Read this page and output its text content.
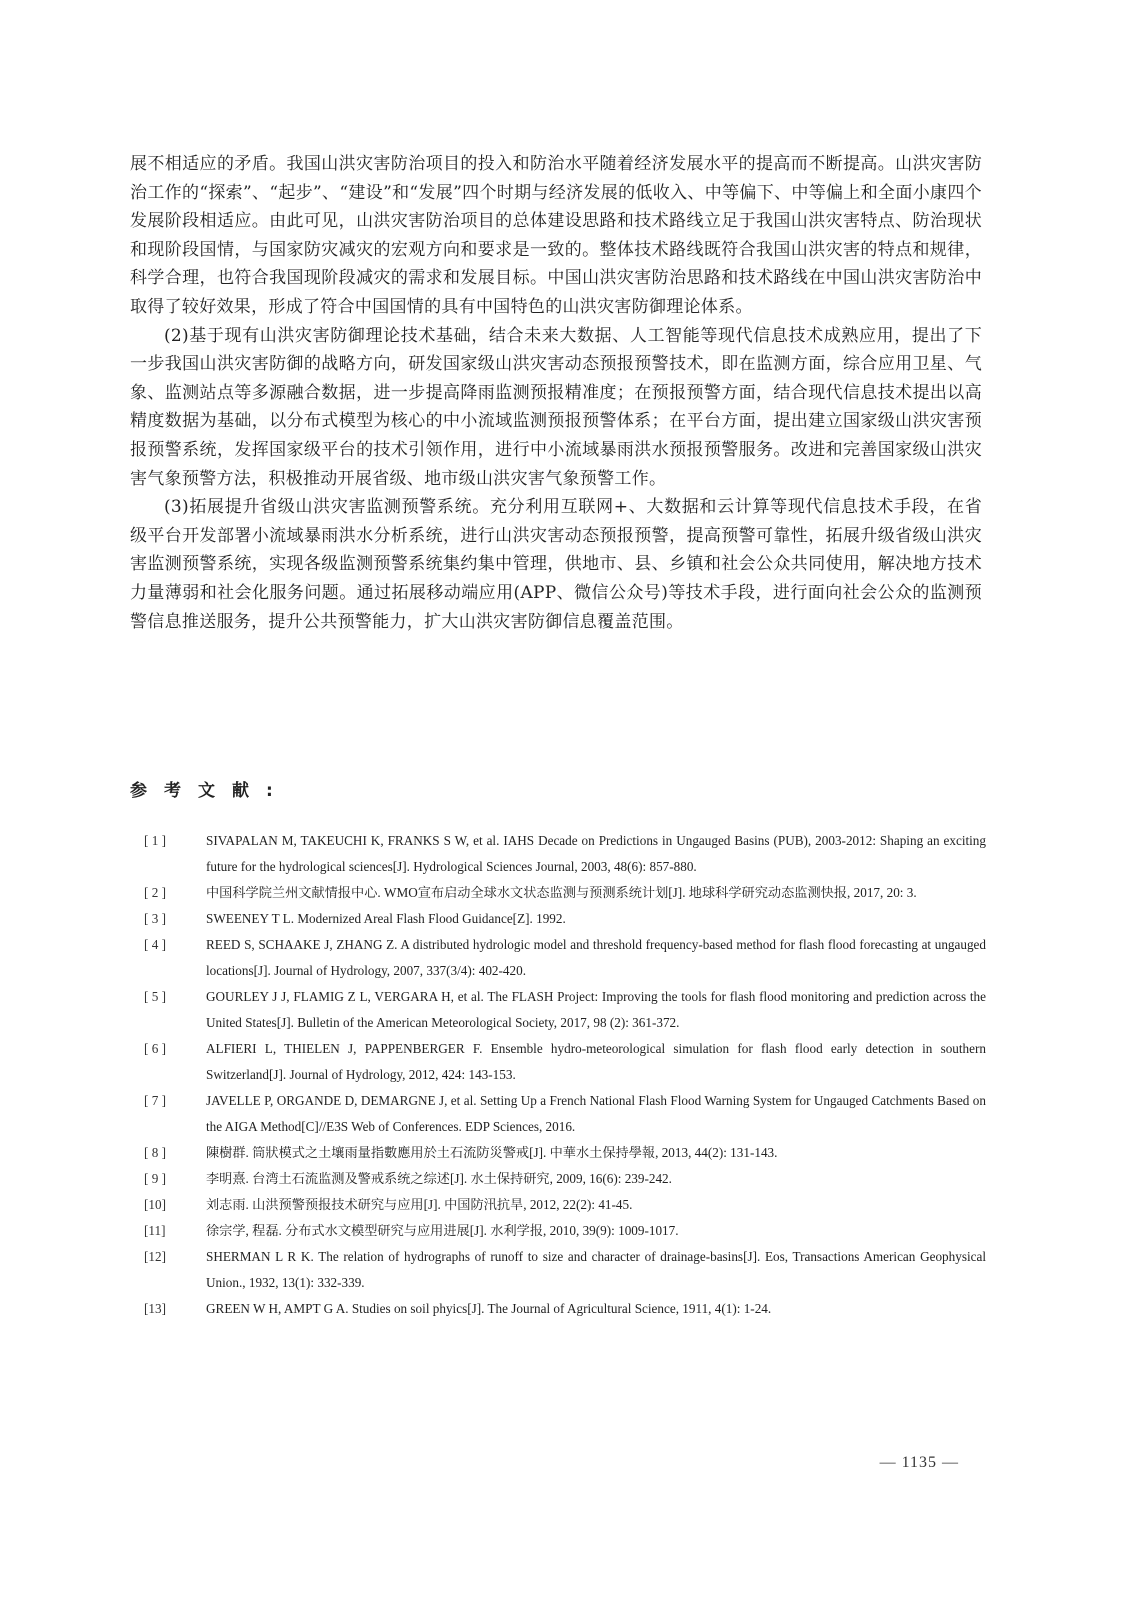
展不相适应的矛盾。我国山洪灾害防治项目的投入和防治水平随着经济发展水平的提高而不断提高。山洪灾害防治工作的“探索”、“起步”、“建设”和“发展”四个时期与经济发展的低收入、中等偏下、中等偏上和全面小康四个发展阶段相适应。由此可见，山洪灾害防治项目的总体建设思路和技术路线立足于我国山洪灾害特点、防治现状和现阶段国情，与国家防灾减灾的宏观方向和要求是一致的。整体技术路线既符合我国山洪灾害的特点和规律，科学合理，也符合我国现阶段减灾的需求和发展目标。中国山洪灾害防治思路和技术路线在中国山洪灾害防治中取得了较好效果，形成了符合中国国情的具有中国特色的山洪灾害防御理论体系。

(2)基于现有山洪灾害防御理论技术基础，结合未来大数据、人工智能等现代信息技术成熟应用，提出了下一步我国山洪灾害防御的战略方向，研发国家级山洪灾害动态预报预警技术，即在监测方面，综合应用卫星、气象、监测站点等多源融合数据，进一步提高降雨监测预报精准度；在预报预警方面，结合现代信息技术提出以高精度数据为基础，以分布式模型为核心的中小流域监测预报预警体系；在平台方面，提出建立国家级山洪灾害预报预警系统，发挥国家级平台的技术引领作用，进行中小流域暴雨洪水预报预警服务。改进和完善国家级山洪灾害气象预警方法，积极推动开展省级、地市级山洪灾害气象预警工作。

(3)拓展提升省级山洪灾害监测预警系统。充分利用互联网+、大数据和云计算等现代信息技术手段，在省级平台开发部署小流域暴雨洪水分析系统，进行山洪灾害动态预报预警，提高预警可靠性，拓展升级省级山洪灾害监测预警系统，实现各级监测预警系统集约集中管理，供地市、县、乡镇和社会公众共同使用，解决地方技术力量薄弱和社会化服务问题。通过拓展移动端应用(APP、微信公众号)等技术手段，进行面向社会公众的监测预警信息推送服务，提升公共预警能力，扩大山洪灾害防御信息覆盖范围。

参考文献:
[ 1 ]	SIVAPALAN M, TAKEUCHI K, FRANKS S W, et al. IAHS Decade on Predictions in Ungauged Basins (PUB), 2003-2012: Shaping an exciting future for the hydrological sciences[J]. Hydrological Sciences Journal, 2003, 48(6): 857-880.
[ 2 ]	中国科学院兰州文献情报中心. WMO宣布启动全球水文状态监测与预测系统计划[J]. 地球科学研究动态监测快报, 2017, 20: 3.
[ 3 ]	SWEENEY T L. Modernized Areal Flash Flood Guidance[Z]. 1992.
[ 4 ]	REED S, SCHAAKE J, ZHANG Z. A distributed hydrologic model and threshold frequency-based method for flash flood forecasting at ungauged locations[J]. Journal of Hydrology, 2007, 337(3/4): 402-420.
[ 5 ]	GOURLEY J J, FLAMIG Z L, VERGARA H, et al. The FLASH Project: Improving the tools for flash flood monitoring and prediction across the United States[J]. Bulletin of the American Meteorological Society, 2017, 98 (2): 361-372.
[ 6 ]	ALFIERI L, THIELEN J, PAPPENBERGER F. Ensemble hydro-meteorological simulation for flash flood early detection in southern Switzerland[J]. Journal of Hydrology, 2012, 424: 143-153.
[ 7 ]	JAVELLE P, ORGANDE D, DEMARGNE J, et al. Setting Up a French National Flash Flood Warning System for Ungauged Catchments Based on the AIGA Method[C]//E3S Web of Conferences. EDP Sciences, 2016.
[ 8 ]	陳樹群. 筒狀模式之土壤雨量指數應用於土石流防災警戒[J]. 中華水土保持學報, 2013, 44(2): 131-143.
[ 9 ]	李明熹. 台湾土石流监测及警戒系统之综述[J]. 水土保持研究, 2009, 16(6): 239-242.
[10]	刘志雨. 山洪预警预报技术研究与应用[J]. 中国防汛抗旱, 2012, 22(2): 41-45.
[11]	徐宗学, 程磊. 分布式水文模型研究与应用进展[J]. 水利学报, 2010, 39(9): 1009-1017.
[12]	SHERMAN L R K. The relation of hydrographs of runoff to size and character of drainage-basins[J]. Eos, Transactions American Geophysical Union., 1932, 13(1): 332-339.
[13]	GREEN W H, AMPT G A. Studies on soil phyics[J]. The Journal of Agricultural Science, 1911, 4(1): 1-24.
— 1135 —
